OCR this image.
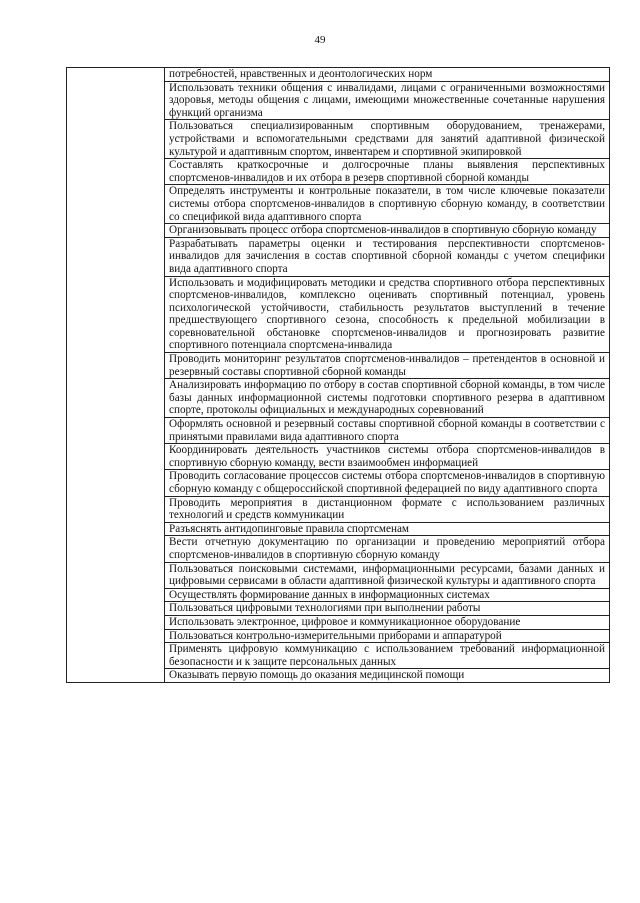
49
потребностей, нравственных и деонтологических норм
Использовать техники общения с инвалидами, лицами с ограниченными возможностями здоровья, методы общения с лицами, имеющими множественные сочетанные нарушения функций организма
Пользоваться специализированным спортивным оборудованием, тренажерами, устройствами и вспомогательными средствами для занятий адаптивной физической культурой и адаптивным спортом, инвентарем и спортивной экипировкой
Составлять краткосрочные и долгосрочные планы выявления перспективных спортсменов-инвалидов и их отбора в резерв спортивной сборной команды
Определять инструменты и контрольные показатели, в том числе ключевые показатели системы отбора спортсменов-инвалидов в спортивную сборную команду, в соответствии со спецификой вида адаптивного спорта
Организовывать процесс отбора спортсменов-инвалидов в спортивную сборную команду
Разрабатывать параметры оценки и тестирования перспективности спортсменов-инвалидов для зачисления в состав спортивной сборной команды с учетом специфики вида адаптивного спорта
Использовать и модифицировать методики и средства спортивного отбора перспективных спортсменов-инвалидов, комплексно оценивать спортивный потенциал, уровень психологической устойчивости, стабильность результатов выступлений в течение предшествующего спортивного сезона, способность к предельной мобилизации в соревновательной обстановке спортсменов-инвалидов и прогнозировать развитие спортивного потенциала спортсмена-инвалида
Проводить мониторинг результатов спортсменов-инвалидов – претендентов в основной и резервный составы спортивной сборной команды
Анализировать информацию по отбору в состав спортивной сборной команды, в том числе базы данных информационной системы подготовки спортивного резерва в адаптивном спорте, протоколы официальных и международных соревнований
Оформлять основной и резервный составы спортивной сборной команды в соответствии с принятыми правилами вида адаптивного спорта
Координировать деятельность участников системы отбора спортсменов-инвалидов в спортивную сборную команду, вести взаимообмен информацией
Проводить согласование процессов системы отбора спортсменов-инвалидов в спортивную сборную команду с общероссийской спортивной федерацией по виду адаптивного спорта
Проводить мероприятия в дистанционном формате с использованием различных технологий и средств коммуникации
Разъяснять антидопинговые правила спортсменам
Вести отчетную документацию по организации и проведению мероприятий отбора спортсменов-инвалидов в спортивную сборную команду
Пользоваться поисковыми системами, информационными ресурсами, базами данных и цифровыми сервисами в области адаптивной физической культуры и адаптивного спорта
Осуществлять формирование данных в информационных системах
Пользоваться цифровыми технологиями при выполнении работы
Использовать электронное, цифровое и коммуникационное оборудование
Пользоваться контрольно-измерительными приборами и аппаратурой
Применять цифровую коммуникацию с использованием требований информационной безопасности и к защите персональных данных
Оказывать первую помощь до оказания медицинской помощи
